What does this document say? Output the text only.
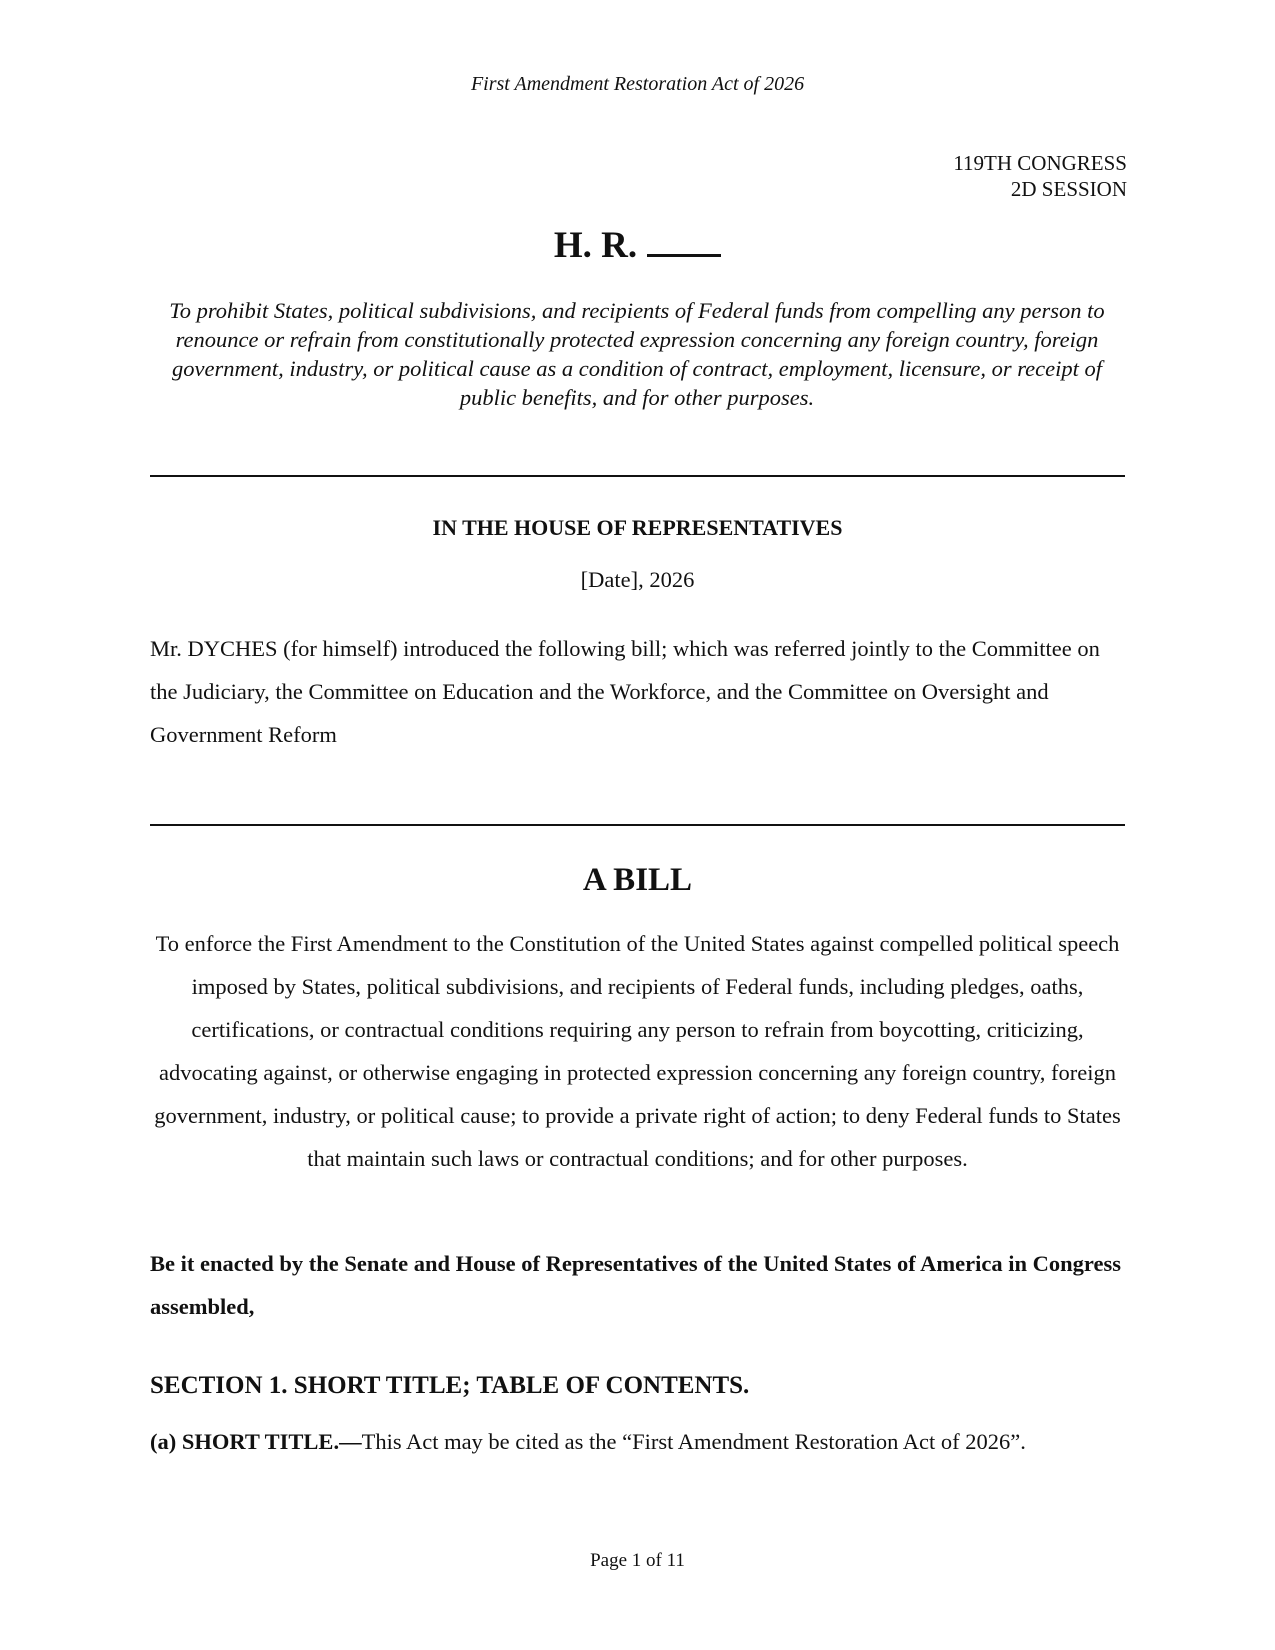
First Amendment Restoration Act of 2026
119TH CONGRESS
2D SESSION
H. R.
To prohibit States, political subdivisions, and recipients of Federal funds from compelling any person to renounce or refrain from constitutionally protected expression concerning any foreign country, foreign government, industry, or political cause as a condition of contract, employment, licensure, or receipt of public benefits, and for other purposes.
IN THE HOUSE OF REPRESENTATIVES
[Date], 2026
Mr. DYCHES (for himself) introduced the following bill; which was referred jointly to the Committee on the Judiciary, the Committee on Education and the Workforce, and the Committee on Oversight and Government Reform
A BILL
To enforce the First Amendment to the Constitution of the United States against compelled political speech imposed by States, political subdivisions, and recipients of Federal funds, including pledges, oaths, certifications, or contractual conditions requiring any person to refrain from boycotting, criticizing, advocating against, or otherwise engaging in protected expression concerning any foreign country, foreign government, industry, or political cause; to provide a private right of action; to deny Federal funds to States that maintain such laws or contractual conditions; and for other purposes.
Be it enacted by the Senate and House of Representatives of the United States of America in Congress assembled,
SECTION 1. SHORT TITLE; TABLE OF CONTENTS.
(a) SHORT TITLE.—This Act may be cited as the “First Amendment Restoration Act of 2026”.
Page 1 of 11
